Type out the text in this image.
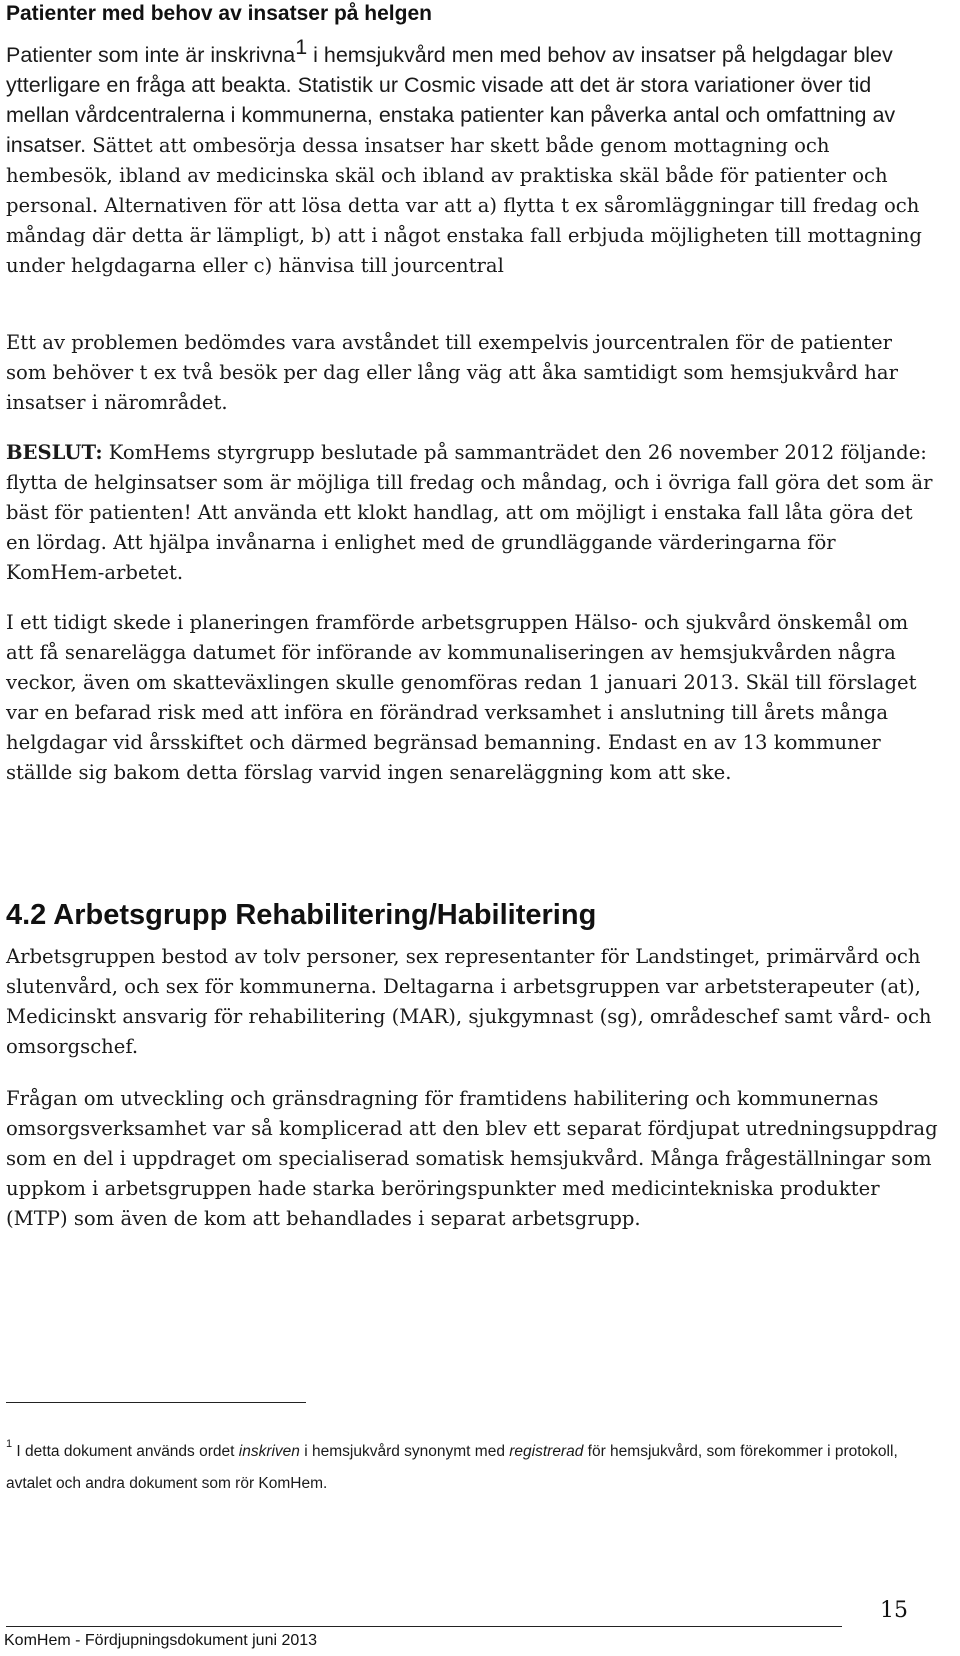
Patienter med behov av insatser på helgen

Patienter som inte är inskrivna$^1$ i hemsjukvård men med behov av insatser på helgdagar blev ytterligare en fråga att beakta. Statistik ur Cosmic visade att det är stora variationer över tid mellan vårdcentralerna i kommunerna, enstaka patienter kan påverka antal och omfattning av insatser. Sättet att ombesörja dessa insatser har skett både genom mottagning och hembesök, ibland av medicinska skäl och ibland av praktiska skäl både för patienter och personal. Alternativen för att lösa detta var att a) flytta t ex såromläggningar till fredag och måndag där detta är lämpligt, b) att i något enstaka fall erbjuda möjligheten till mottagning under helgdagarna eller c) hänvisa till jourcentral

Ett av problemen bedömdes vara avståndet till exempelvis jourcentralen för de patienter som behöver t ex två besök per dag eller lång väg att åka samtidigt som hemsjukvård har insatser i närområdet.

BESLUT: KomHems styrgrupp beslutade på sammanträdet den 26 november 2012 följande: flytta de helginsatser som är möjliga till fredag och måndag, och i övriga fall göra det som är bäst för patienten! Att använda ett klokt handlag, att om möjligt i enstaka fall låta göra det en lördag. Att hjälpa invånarna i enlighet med de grundläggande värderingarna för KomHem-arbetet.

I ett tidigt skede i planeringen framförde arbetsgruppen Hälso- och sjukvård önskemål om att få senarelägga datumet för införande av kommunaliseringen av hemsjukvården några veckor, även om skatteväxlingen skulle genomföras redan 1 januari 2013. Skäl till förslaget var en befarad risk med att införa en förändrad verksamhet i anslutning till årets många helgdagar vid årsskiftet och därmed begränsad bemanning. Endast en av 13 kommuner ställde sig bakom detta förslag varvid ingen senareläggning kom att ske.

4.2 Arbetsgrupp Rehabilitering/Habilitering

Arbetsgruppen bestod av tolv personer, sex representanter för Landstinget, primärvård och slutenvård, och sex för kommunerna. Deltagarna i arbetsgruppen var arbetsterapeuter (at), Medicinskt ansvarig för rehabilitering (MAR), sjukgymnast (sg), områdeschef samt vård- och omsorgschef.

Frågan om utveckling och gränsdragning för framtidens habilitering och kommunernas omsorgsverksamhet var så komplicerad att den blev ett separat fördjupat utredningsuppdrag som en del i uppdraget om specialiserad somatisk hemsjukvård. Många frågeställningar som uppkom i arbetsgruppen hade starka beröringspunkter med medicintekniska produkter (MTP) som även de kom att behandlades i separat arbetsgrupp.

$^1$ I detta dokument används ordet inskriven i hemsjukvård synonymt med registrerad för hemsjukvård, som förekommer i protokoll, avtalet och andra dokument som rör KomHem.

15
KomHem - Fördjupningsdokument juni 2013
